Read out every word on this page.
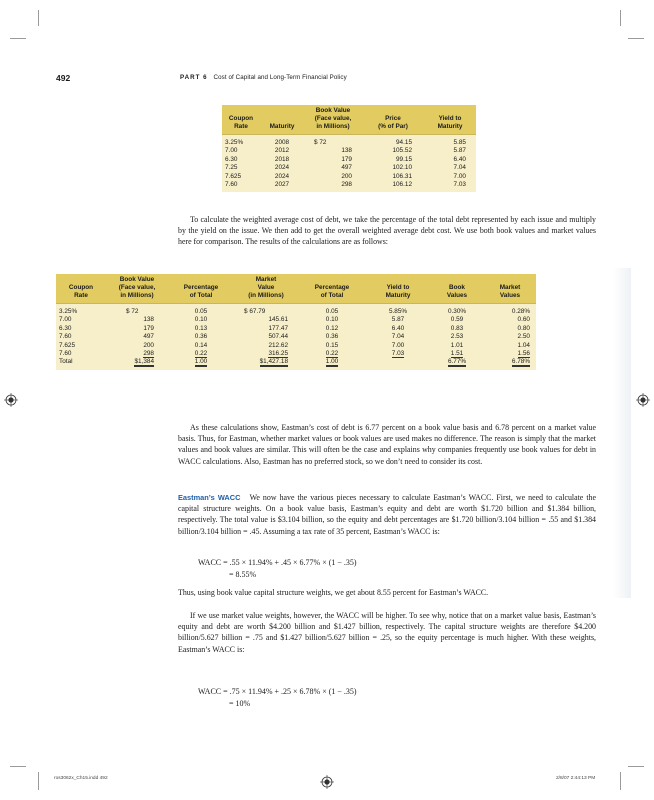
492	PART 6 Cost of Capital and Long-Term Financial Policy
Coupon
Rate	Maturity	Book Value
(Face value,
in Millions)	Price
(% of Par)	Yield to
Maturity
3.25%	2008	$ 72	94.15	5.85
7.00	2012	138	105.52	5.87
6.30	2018	179	99.15	6.40
7.25	2024	497	102.10	7.04
7.625	2024	200	106.31	7.00
7.60	2027	298	106.12	7.03
To calculate the weighted average cost of debt, we take the percentage of the total debt represented by each issue and multiply by the yield on the issue. We then add to get the overall weighted average debt cost. We use both book values and market values here for comparison. The results of the calculations are as follows:
Coupon
Rate	Book Value
(Face value,
in Millions)	Percentage
of Total	Market
Value
(in Millions)	Percentage
of Total	Yield to
Maturity	Book
Values	Market
Values
3.25%	$ 72	0.05	$ 67.79	0.05	5.85%	0.30%	0.28%
7.00	138	0.10	145.61	0.10	5.87	0.59	0.60
6.30	179	0.13	177.47	0.12	6.40	0.83	0.80
7.60	497	0.36	507.44	0.36	7.04	2.53	2.50
7.625	200	0.14	212.62	0.15	7.00	1.01	1.04
7.60	298	0.22	316.25	0.22	7.03	1.51	1.56
Total	$1,384	1.00	$1,427.18	1.00		6.77%	6.78%
As these calculations show, Eastman’s cost of debt is 6.77 percent on a book value basis and 6.78 percent on a market value basis. Thus, for Eastman, whether market values or book values are used makes no difference. The reason is simply that the market values and book values are similar. This will often be the case and explains why companies frequently use book values for debt in WACC calculations. Also, Eastman has no preferred stock, so we don’t need to consider its cost.
Eastman’s WACC We now have the various pieces necessary to calculate Eastman’s WACC. First, we need to calculate the capital structure weights. On a book value basis, Eastman’s equity and debt are worth $1.720 billion and $1.384 billion, respectively. The total value is $3.104 billion, so the equity and debt percentages are $1.720 billion/3.104 billion = .55 and $1.384 billion/3.104 billion = .45. Assuming a tax rate of 35 percent, Eastman’s WACC is:
WACC = .55 × 11.94% + .45 × 6.77% × (1 − .35)
= 8.55%
Thus, using book value capital structure weights, we get about 8.55 percent for Eastman’s WACC.
If we use market value weights, however, the WACC will be higher. To see why, notice that on a market value basis, Eastman’s equity and debt are worth $4.200 billion and $1.427 billion, respectively. The capital structure weights are therefore $4.200 billion/5.627 billion = .75 and $1.427 billion/5.627 billion = .25, so the equity percentage is much higher. With these weights, Eastman’s WACC is:
WACC = .75 × 11.94% + .25 × 6.78% × (1 − .35)
= 10%
ros3062x_Ch15.indd 492	2/8/07 2:44:13 PM
